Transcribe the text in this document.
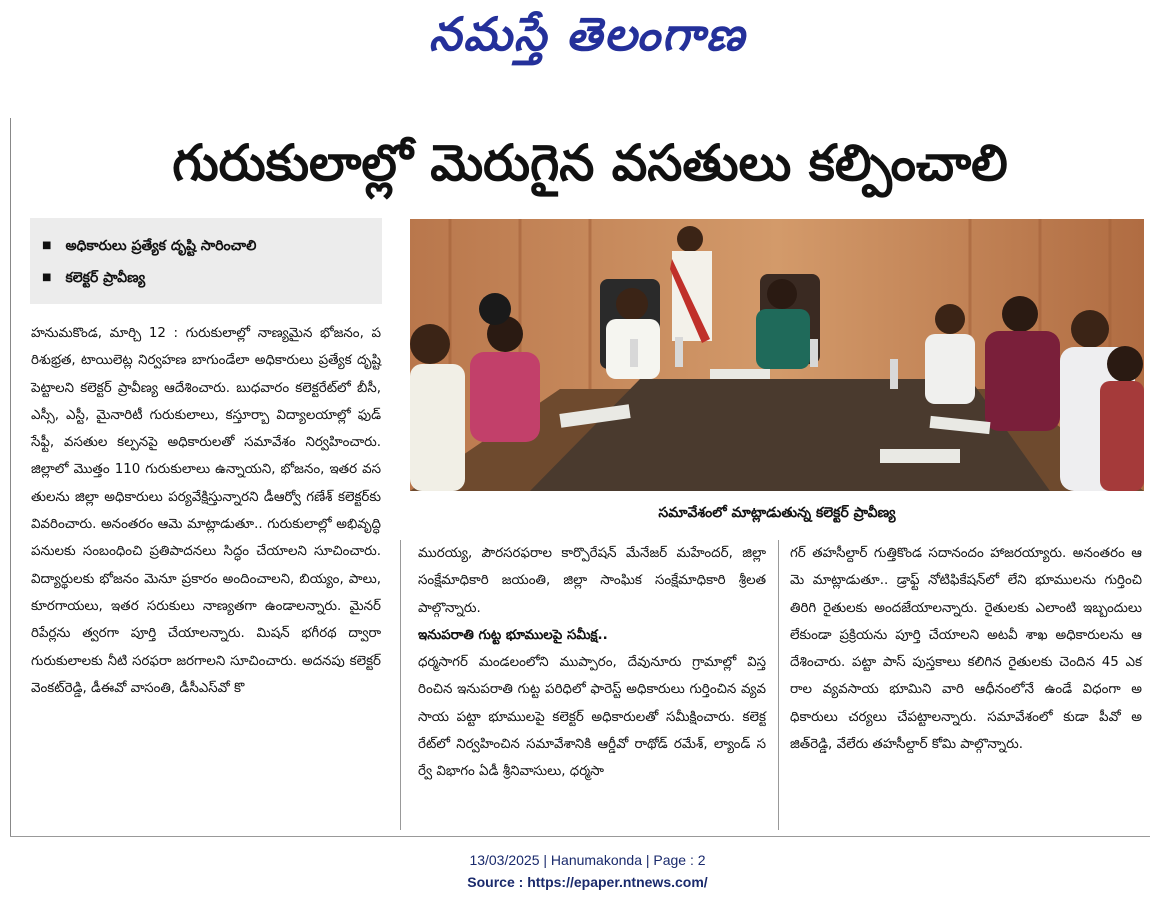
నమస్తే తెలంగాణ
గురుకులాల్లో మెరుగైన వసతులు కల్పించాలి
■ అధికారులు ప్రత్యేక దృష్టి సారించాలి
■ కలెక్టర్ ప్రావీణ్య
సమావేశంలో మాట్లాడుతున్న కలెక్టర్ ప్రావీణ్య

హనుమకొండ, మార్చి 12 : గురుకులాల్లో నాణ్యమైన భోజనం, పరిశుభ్రత, టాయిలెట్ల నిర్వహణ బాగుండేలా అధికారులు ప్రత్యేక దృష్టి పెట్టాలని కలెక్టర్ ప్రావీణ్య ఆదేశించారు. బుధవారం కలెక్టరేట్‌లో బీసీ, ఎస్సీ, ఎస్టీ, మైనారిటీ గురుకులాలు, కస్తూర్బా విద్యాలయాల్లో ఫుడ్ సేఫ్టీ, వసతుల కల్పనపై అధికారులతో సమావేశం నిర్వహించారు. జిల్లాలో మొత్తం 110 గురుకులాలు ఉన్నాయని, భోజనం, ఇతర వసతులను జిల్లా అధికారులు పర్యవేక్షిస్తున్నారని డీఆర్వో గణేశ్ కలెక్టర్‌కు వివరించారు. అనంతరం ఆమె మాట్లాడుతూ.. గురుకులాల్లో అభివృద్ధి పనులకు సంబంధించి ప్రతిపాదనలు సిద్ధం చేయాలని సూచించారు. విద్యార్థులకు భోజనం మెనూ ప్రకారం అందించాలని, బియ్యం, పాలు, కూరగాయలు, ఇతర సరుకులు నాణ్యతగా ఉండాలన్నారు. మైనర్ రిపేర్లను త్వరగా పూర్తి చేయాలన్నారు. మిషన్ భగీరథ ద్వారా గురుకులాలకు నీటి సరఫరా జరగాలని సూచించారు. అదనపు కలెక్టర్ వెంకట్‌రెడ్డి, డీఈవో వాసంతి, డీసీఎస్‌వో కొ

మురయ్య, పౌరసరఫరాల కార్పొరేషన్ మేనేజర్ మహేందర్, జిల్లా సంక్షేమాధికారి జయంతి, జిల్లా సాంఘిక సంక్షేమాధికారి శ్రీలత పాల్గొన్నారు.

ఇనుపరాతి గుట్ట భూములపై సమీక్ష..

ధర్మసాగర్ మండలంలోని ముప్పారం, దేవునూరు గ్రామాల్లో విస్తరించిన ఇనుపరాతి గుట్ట పరిధిలో ఫారెస్ట్ అధికారులు గుర్తించిన వ్యవసాయ పట్టా భూములపై కలెక్టర్ అధికారులతో సమీక్షించారు. కలెక్టరేట్‌లో నిర్వహించిన సమావేశానికి ఆర్డీవో రాథోడ్ రమేశ్, ల్యాండ్ సర్వే విభాగం ఏడీ శ్రీనివాసులు, ధర్మసా

గర్ తహసీల్దార్ గుత్తికొండ సదానందం హాజరయ్యారు. అనంతరం ఆమె మాట్లాడుతూ.. డ్రాఫ్ట్ నోటిఫికేషన్‌లో లేని భూములను గుర్తించి తిరిగి రైతులకు అందజేయాలన్నారు. రైతులకు ఎలాంటి ఇబ్బందులు లేకుండా ప్రక్రియను పూర్తి చేయాలని అటవీ శాఖ అధికారులను ఆదేశించారు. పట్టా పాస్ పుస్తకాలు కలిగిన రైతులకు చెందిన 45 ఎకరాల వ్యవసాయ భూమిని వారి ఆధీనంలోనే ఉండే విధంగా అధికారులు చర్యలు చేపట్టాలన్నారు. సమావేశంలో కుడా పీవో అజిత్‌రెడ్డి, వేలేరు తహసీల్దార్ కోమి పాల్గొన్నారు.

13/03/2025 | Hanumakonda | Page : 2
Source : https://epaper.ntnews.com/
